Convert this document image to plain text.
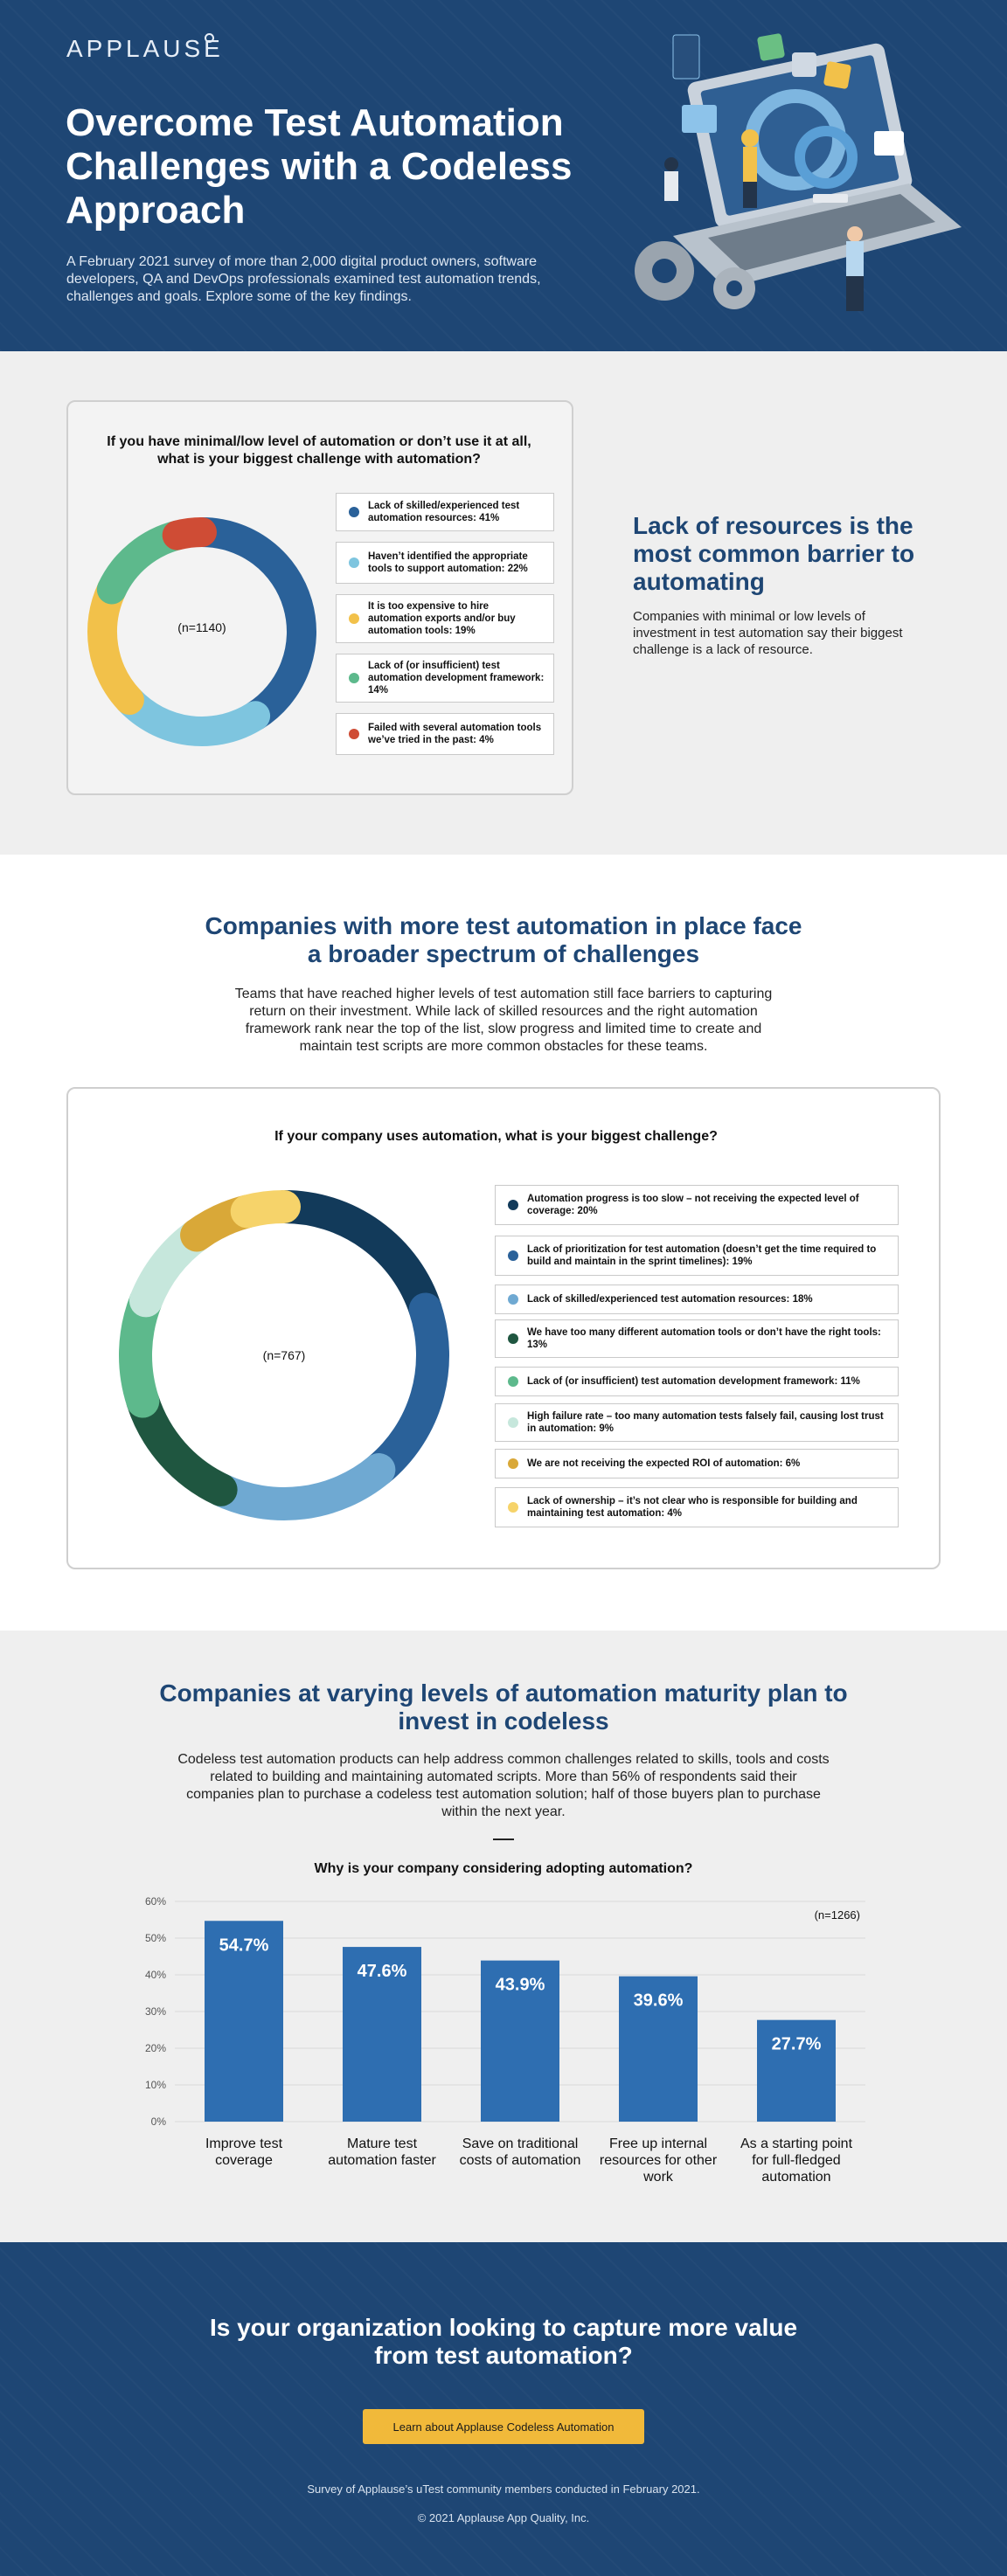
APPLAUSE
Overcome Test Automation Challenges with a Codeless Approach

A February 2021 survey of more than 2,000 digital product owners, software developers, QA and DevOps professionals examined test automation trends, challenges and goals. Explore some of the key findings.

If you have minimal/low level of automation or don’t use it at all, what is your biggest challenge with automation?
(n=1140)
Lack of skilled/experienced test automation resources: 41%
Haven’t identified the appropriate tools to support automation: 22%
It is too expensive to hire automation exports and/or buy automation tools: 19%
Lack of (or insufficient) test automation development framework: 14%
Failed with several automation tools we’ve tried in the past: 4%
Lack of resources is the most common barrier to automating

Companies with minimal or low levels of investment in test automation say their biggest challenge is a lack of resource.

Companies with more test automation in place face a broader spectrum of challenges

Teams that have reached higher levels of test automation still face barriers to capturing return on their investment. While lack of skilled resources and the right automation framework rank near the top of the list, slow progress and limited time to create and maintain test scripts are more common obstacles for these teams.

If your company uses automation, what is your biggest challenge?
(n=767)
Automation progress is too slow – not receiving the expected level of coverage: 20%
Lack of prioritization for test automation (doesn’t get the time required to build and maintain in the sprint timelines): 19%
Lack of skilled/experienced test automation resources: 18%
We have too many different automation tools or don’t have the right tools: 13%
Lack of (or insufficient) test automation development framework: 11%
High failure rate – too many automation tests falsely fail, causing lost trust in automation: 9%
We are not receiving the expected ROI of automation: 6%
Lack of ownership – it’s not clear who is responsible for building and maintaining test automation: 4%
Companies at varying levels of automation maturity plan to invest in codeless

Codeless test automation products can help address common challenges related to skills, tools and costs related to building and maintaining automated scripts. More than 56% of respondents said their companies plan to purchase a codeless test automation solution; half of those buyers plan to purchase within the next year.

Why is your company considering adopting automation?
0%
10%
20%
30%
40%
50%
60%
54.7%
Improve test coverage
47.6%
Mature test automation faster
43.9%
Save on traditional costs of automation
39.6%
Free up internal resources for other work
27.7%
As a starting point for full-fledged automation
(n=1266)
Is your organization looking to capture more value from test automation?
Learn about Applause Codeless Automation
Survey of Applause’s uTest community members conducted in February 2021.
© 2021 Applause App Quality, Inc.
